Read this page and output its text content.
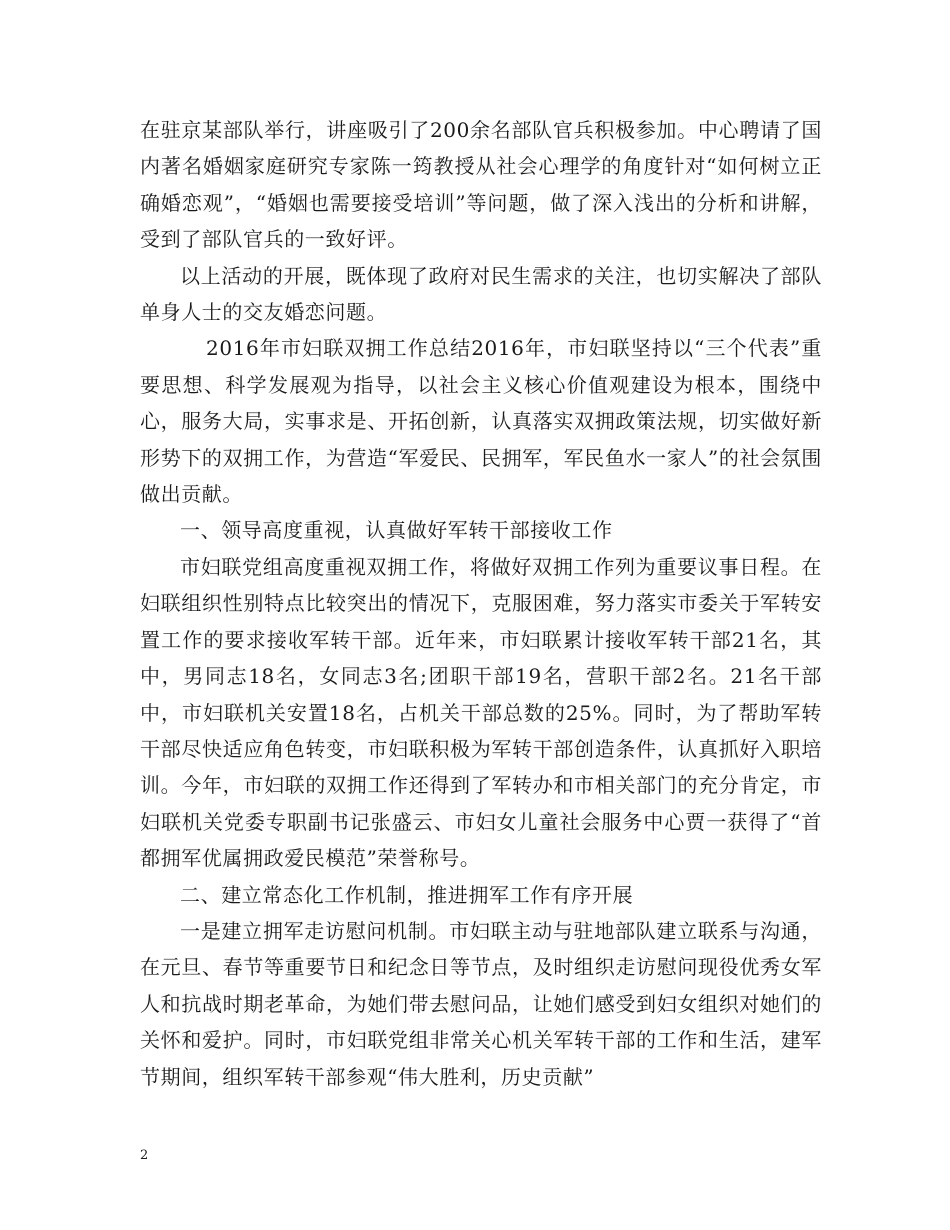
在驻京某部队举行，讲座吸引了200余名部队官兵积极参加。中心聘请了国内著名婚姻家庭研究专家陈一筠教授从社会心理学的角度针对“如何树立正确婚恋观”，“婚姻也需要接受培训”等问题，做了深入浅出的分析和讲解，受到了部队官兵的一致好评。

以上活动的开展，既体现了政府对民生需求的关注，也切实解决了部队单身人士的交友婚恋问题。

2016年市妇联双拥工作总结2016年，市妇联坚持以“三个代表”重要思想、科学发展观为指导，以社会主义核心价值观建设为根本，围绕中心，服务大局，实事求是、开拓创新，认真落实双拥政策法规，切实做好新形势下的双拥工作，为营造“军爱民、民拥军，军民鱼水一家人”的社会氛围做出贡献。

一、领导高度重视，认真做好军转干部接收工作

市妇联党组高度重视双拥工作，将做好双拥工作列为重要议事日程。在妇联组织性别特点比较突出的情况下，克服困难，努力落实市委关于军转安置工作的要求接收军转干部。近年来，市妇联累计接收军转干部21名，其中，男同志18名，女同志3名;团职干部19名，营职干部2名。21名干部中，市妇联机关安置18名，占机关干部总数的25%。同时，为了帮助军转干部尽快适应角色转变，市妇联积极为军转干部创造条件，认真抓好入职培训。今年，市妇联的双拥工作还得到了军转办和市相关部门的充分肯定，市妇联机关党委专职副书记张盛云、市妇女儿童社会服务中心贾一获得了“首都拥军优属拥政爱民模范”荣誉称号。

二、建立常态化工作机制，推进拥军工作有序开展

一是建立拥军走访慰问机制。市妇联主动与驻地部队建立联系与沟通，在元旦、春节等重要节日和纪念日等节点，及时组织走访慰问现役优秀女军人和抗战时期老革命，为她们带去慰问品，让她们感受到妇女组织对她们的关怀和爱护。同时，市妇联党组非常关心机关军转干部的工作和生活，建军节期间，组织军转干部参观“伟大胜利，历史贡献”

2
